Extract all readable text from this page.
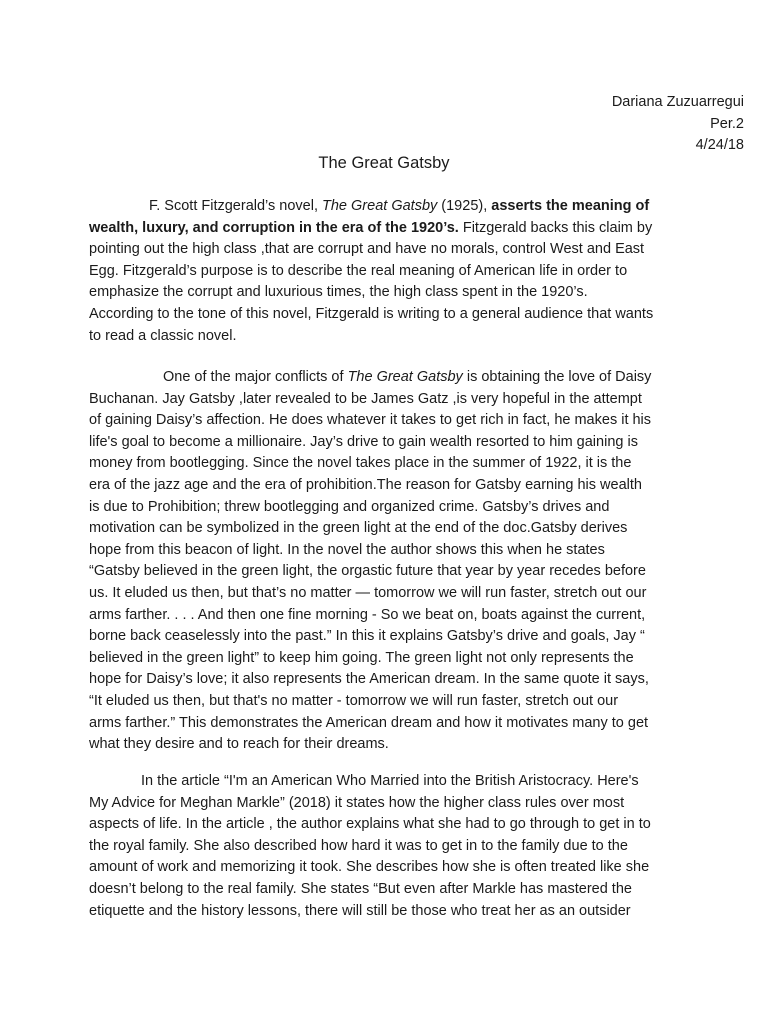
Dariana Zuzuarregui
Per.2
4/24/18
The Great Gatsby
F. Scott Fitzgerald’s novel, The Great Gatsby (1925), asserts the meaning of
wealth, luxury, and corruption in the era of the 1920’s. Fitzgerald backs this claim by
pointing out the high class ,that are corrupt and have no morals, control West and East
Egg. Fitzgerald’s purpose is to describe the real meaning of American life in order to
emphasize the corrupt and luxurious times, the high class spent in the 1920’s.
According to the tone of this novel, Fitzgerald is writing to a general audience that wants
to read a classic novel.
One of the major conflicts of The Great Gatsby is obtaining the love of Daisy
Buchanan. Jay Gatsby ,later revealed to be James Gatz ,is very hopeful in the attempt
of gaining Daisy’s affection. He does whatever it takes to get rich in fact, he makes it his
life's goal to become a millionaire. Jay’s drive to gain wealth resorted to him gaining is
money from bootlegging. Since the novel takes place in the summer of 1922, it is the
era of the jazz age and the era of prohibition.The reason for Gatsby earning his wealth
is due to Prohibition; threw bootlegging and organized crime. Gatsby’s drives and
motivation can be symbolized in the green light at the end of the doc.Gatsby derives
hope from this beacon of light. In the novel the author shows this when he states
“Gatsby believed in the green light, the orgastic future that year by year recedes before
us. It eluded us then, but that’s no matter — tomorrow we will run faster, stretch out our
arms farther. . . . And then one fine morning - So we beat on, boats against the current,
borne back ceaselessly into the past.” In this it explains Gatsby’s drive and goals, Jay “
believed in the green light” to keep him going. The green light not only represents the
hope for Daisy’s love; it also represents the American dream. In the same quote it says,
“It eluded us then, but that's no matter - tomorrow we will run faster, stretch out our
arms farther.” This demonstrates the American dream and how it motivates many to get
what they desire and to reach for their dreams.
In the article “I'm an American Who Married into the British Aristocracy. Here's
My Advice for Meghan Markle” (2018) it states how the higher class rules over most
aspects of life. In the article , the author explains what she had to go through to get in to
the royal family. She also described how hard it was to get in to the family due to the
amount of work and memorizing it took. She describes how she is often treated like she
doesn’t belong to the real family. She states “But even after Markle has mastered the
etiquette and the history lessons, there will still be those who treat her as an outsider
